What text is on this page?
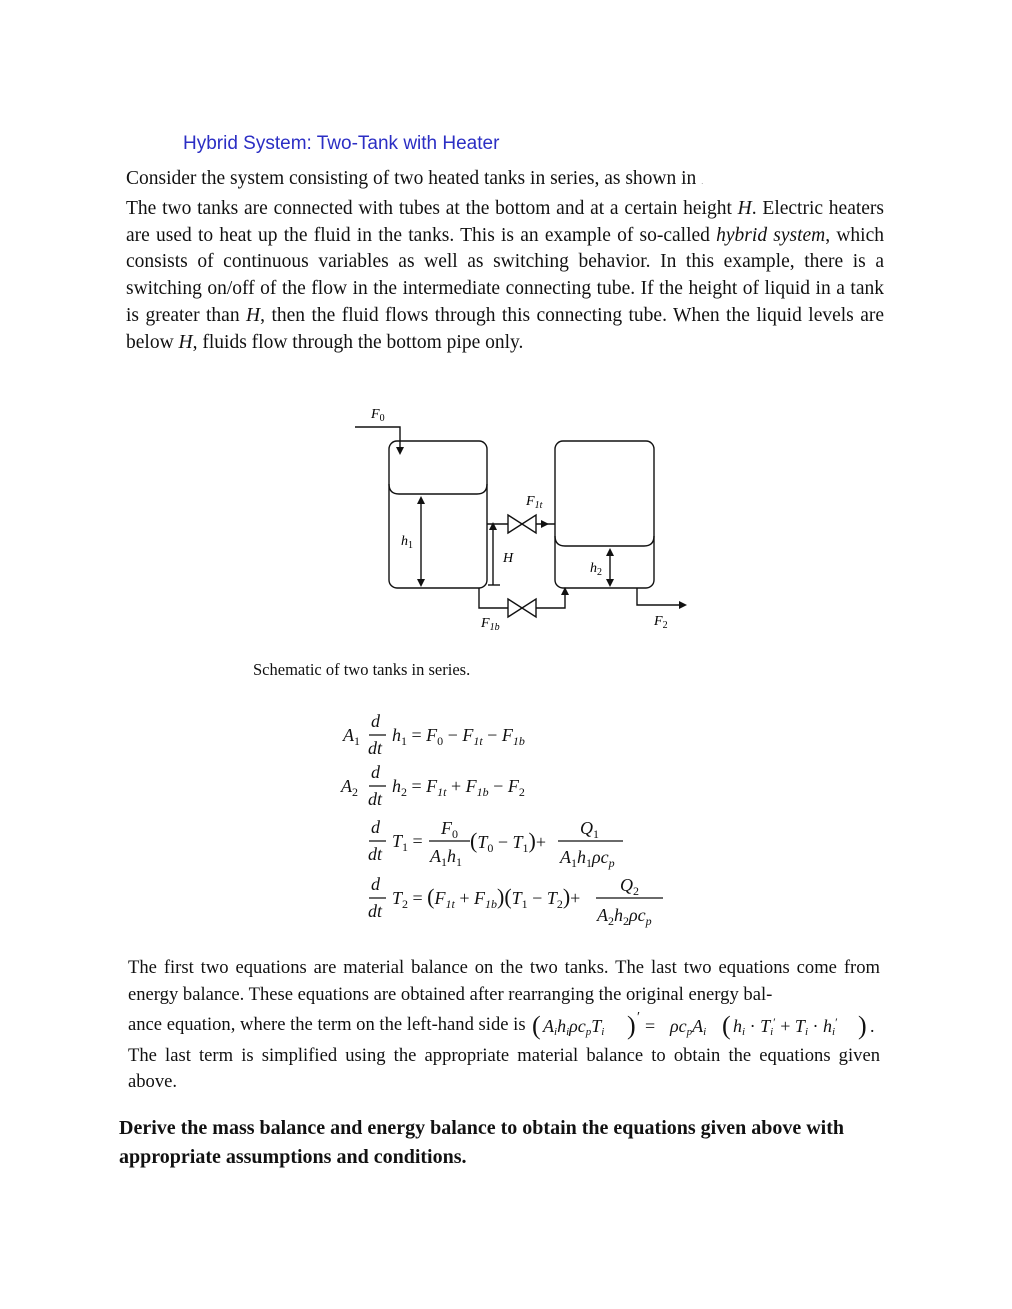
Hybrid System: Two-Tank with Heater
Consider the system consisting of two heated tanks in series, as shown in .
The two tanks are connected with tubes at the bottom and at a certain height H. Electric heaters are used to heat up the fluid in the tanks. This is an example of so-called hybrid system, which consists of continuous variables as well as switching behavior. In this example, there is a switching on/off of the flow in the intermediate connecting tube. If the height of liquid in a tank is greater than H, then the fluid flows through this connecting tube. When the liquid levels are below H, fluids flow through the bottom pipe only.
$F_0$
$F_{1t}$
$h_1$
H
$h_2$
$F_{1b}$	$F_2$
Schematic of two tanks in series.
$A_1$
d
dt
$h_1 = F_0 - F_{1t} - F_{1b}$
$A_2$
d
dt
$h_2 = F_{1t} + F_{1b} - F_2$
d
dt
$T_1$ =
$F_0$
$A_1h_1$
$(T_0 - T_1)+$
$Q_1$
$A_1h_1\rho c_p$
d
dt
$T_2 = (F_{1t} + F_{1b})(T_1 - T_2)+$
$Q_2$
$A_2h_2\rho c_p$
The first two equations are material balance on the two tanks. The last two equations come from energy balance. These equations are obtained after rearranging the original energy bal-
ance equation, where the term on the left-hand side is ( AihiρcpTi ) ′ = ρcpAi ( hi · Ti′ + Ti · hi′ ) .

The last term is simplified using the appropriate material balance to obtain the equations given above.
Derive the mass balance and energy balance to obtain the equations given above with appropriate assumptions and conditions.
